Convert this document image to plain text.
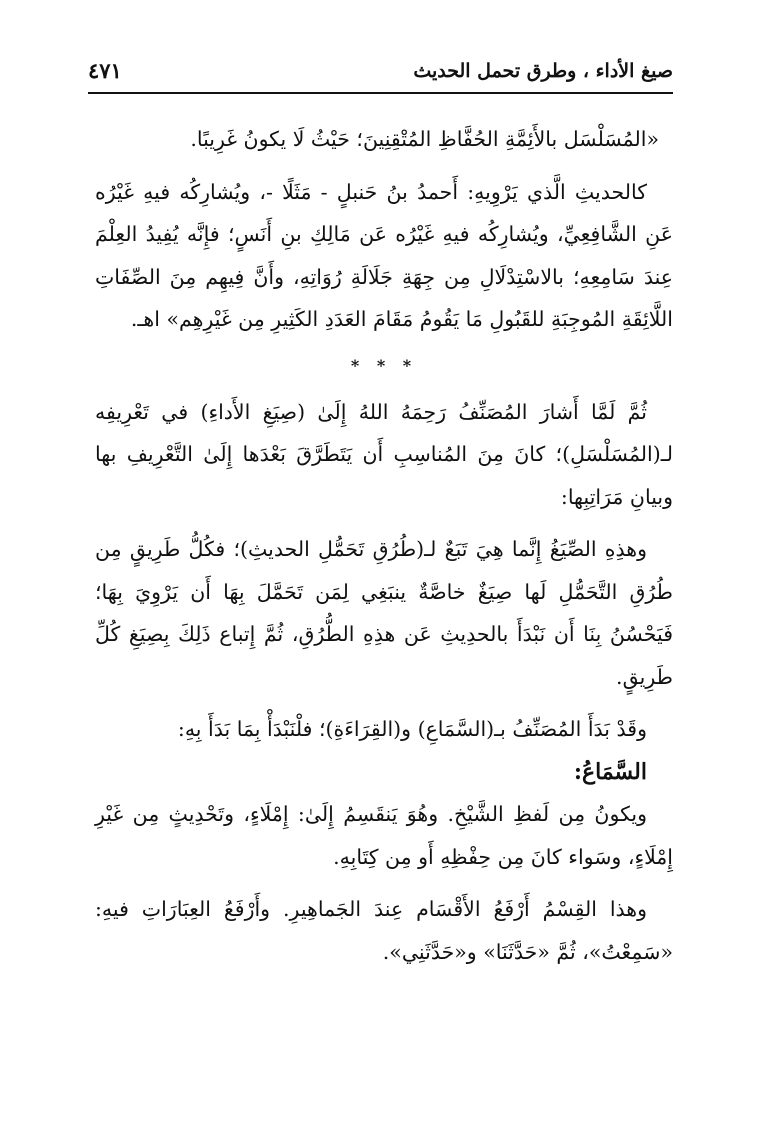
صيغ الأداء ، وطرق تحمل الحديث
٤٧١

«المُسَلْسَل بالأَئِمَّةِ الحُفَّاظِ المُتْقِنِينَ؛ حَيْثُ لَا يكونُ غَرِيبًا.

كالحديثِ الَّذي يَرْوِيهِ: أَحمدُ بنُ حَنبلٍ - مَثَلًا -، ويُشارِكُه فيهِ غَيْرُه عَنِ الشَّافِعِيِّ، ويُشارِكُه فيهِ غَيْرُه عَن مَالِكِ بنِ أَنَسٍ؛ فإِنَّه يُفِيدُ العِلْمَ عِندَ سَامِعِهِ؛ بالاسْتِدْلَالِ مِن جِهَةِ جَلَالَةِ رُوَاتِهِ، وأَنَّ فِيهِم مِنَ الصِّفَاتِ اللَّائِقَةِ المُوجِبَةِ للقَبُولِ مَا يَقُومُ مَقَامَ العَدَدِ الكَثِيرِ مِن غَيْرِهِم» اهـ.

* * *

ثُمَّ لَمَّا أَشارَ المُصَنِّفُ رَحِمَهُ اللهُ إِلَىٰ (صِيَغِ الأَداءِ) في تَعْرِيفِه لـ(المُسَلْسَلِ)؛ كانَ مِنَ المُناسِبِ أَن يَتَطَرَّقَ بَعْدَها إِلَىٰ التَّعْرِيفِ بها وبيانِ مَرَاتِبِها:

وهذِهِ الصِّيَغُ إِنَّما هِيَ تَبَعٌ لـ(طُرُقِ تَحَمُّلِ الحديثِ)؛ فكُلُّ طَرِيقٍ مِن طُرُقِ التَّحَمُّلِ لَها صِيَغٌ خاصَّةٌ ينبَغِي لِمَن تَحَمَّلَ بِهَا أَن يَرْوِيَ بِهَا؛ فَيَحْسُنُ بِنَا أَن نَبْدَأَ بالحدِيثِ عَن هذِهِ الطُّرُقِ، ثُمَّ إِتباع ذَلِكَ بِصِيَغِ كُلِّ طَرِيقٍ.

وقَدْ بَدَأَ المُصَنِّفُ بـ(السَّمَاعِ) و(القِرَاءَةِ)؛ فلْنَبْدَأْ بِمَا بَدَأَ بِهِ:

السَّمَاعُ:

ويكونُ مِن لَفظِ الشَّيْخِ. وهُوَ يَنقَسِمُ إِلَىٰ: إِمْلَاءٍ، وتَحْدِيثٍ مِن غَيْرِ إِمْلَاءٍ، وسَواء كانَ مِن حِفْظِهِ أَو مِن كِتَابِهِ.

وهذا القِسْمُ أَرْفَعُ الأَقْسَام عِندَ الجَماهِيرِ. وأَرْفَعُ العِبَارَاتِ فيهِ: «سَمِعْتُ»، ثُمَّ «حَدَّثَنَا» و«حَدَّثَنِي».
